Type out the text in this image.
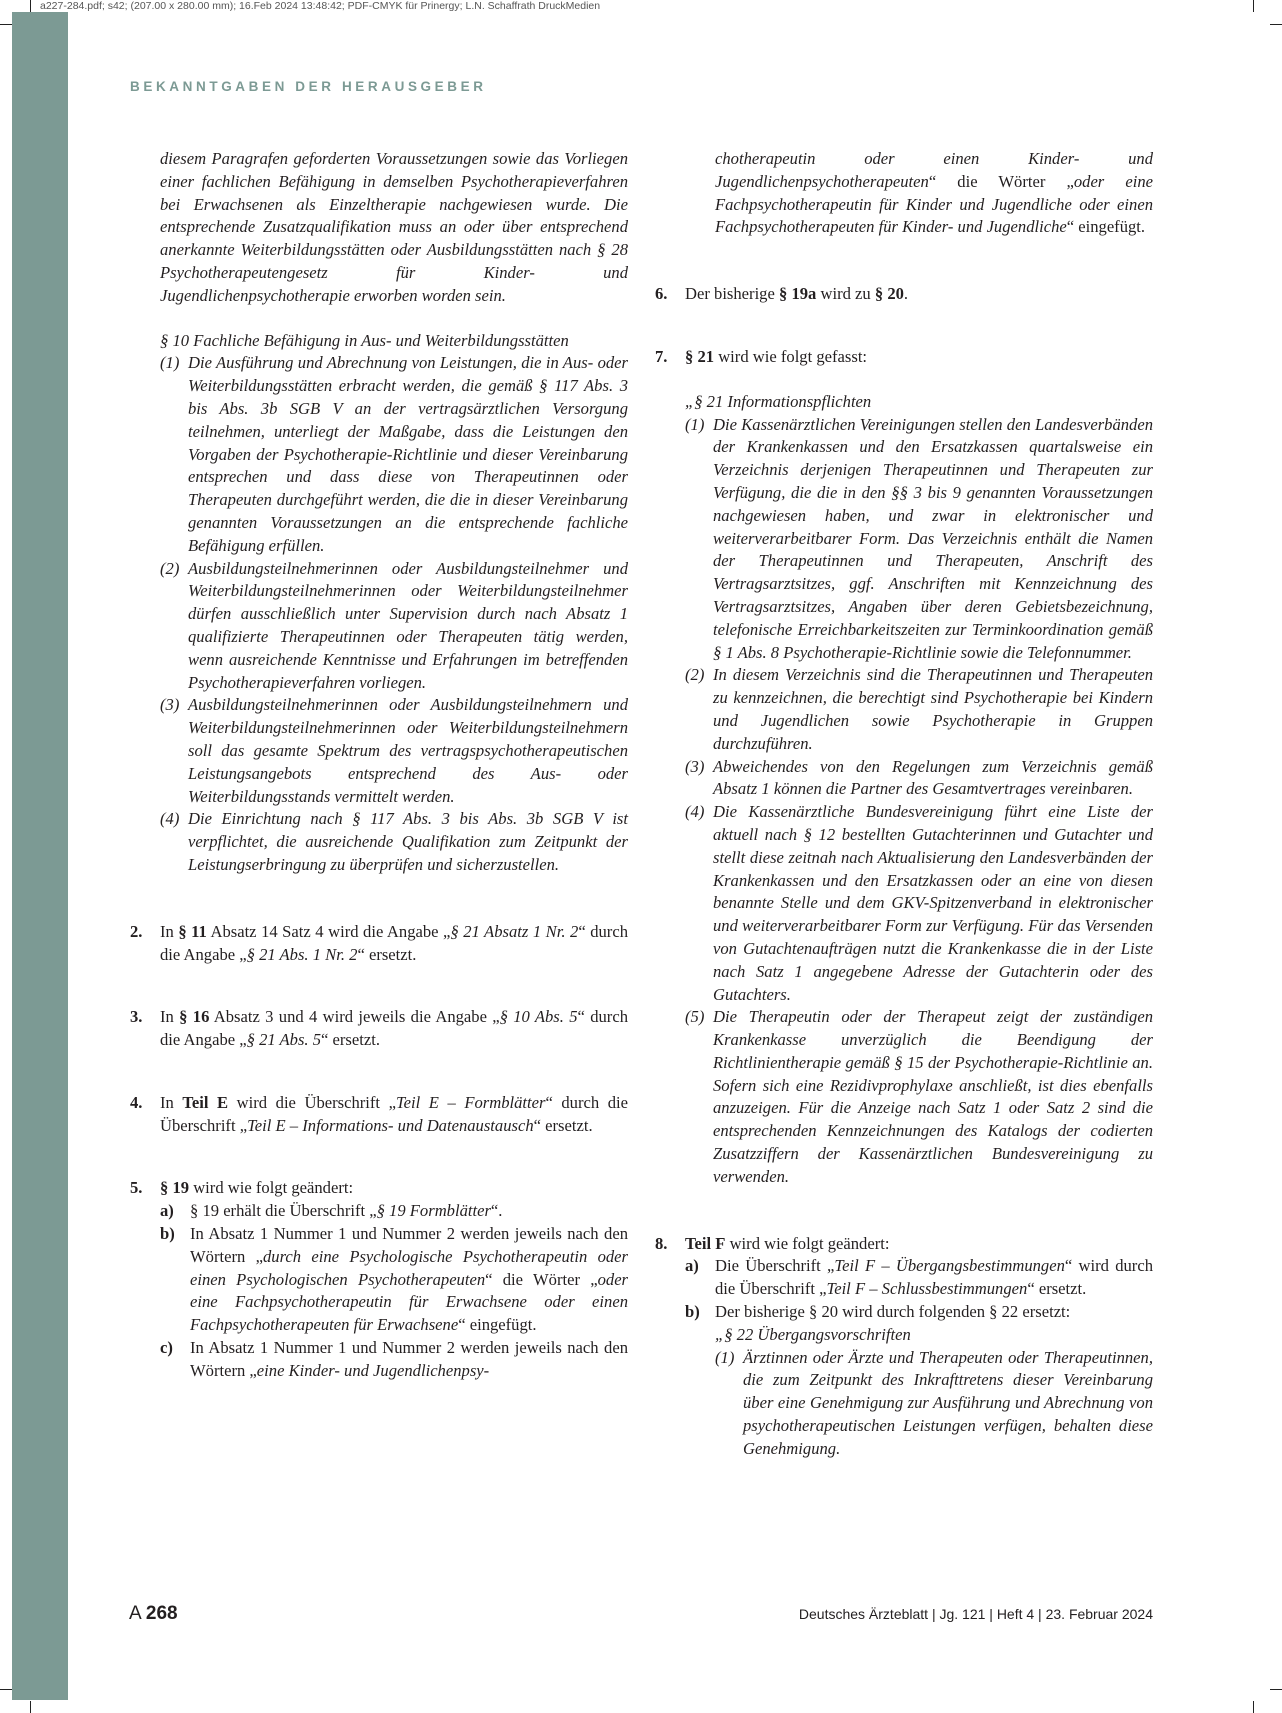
a227-284.pdf; s42; (207.00 x 280.00 mm); 16.Feb 2024 13:48:42; PDF-CMYK für Prinergy; L.N. Schaffrath DruckMedien
BEKANNTGABEN DER HERAUSGEBER

diesem Paragrafen geforderten Voraussetzungen sowie das Vorliegen einer fachlichen Befähigung in demselben Psychotherapieverfahren bei Erwachsenen als Einzeltherapie nachgewiesen wurde. Die entsprechende Zusatzqualifikation muss an oder über entsprechend anerkannte Weiterbildungsstätten oder Ausbildungsstätten nach § 28 Psychotherapeutengesetz für Kinder- und Jugendlichenpsychotherapie erworben worden sein.

§ 10 Fachliche Befähigung in Aus- und Weiterbildungsstätten

(1) Die Ausführung und Abrechnung von Leistungen, die in Aus- oder Weiterbildungsstätten erbracht werden, die gemäß § 117 Abs. 3 bis Abs. 3b SGB V an der vertragsärztlichen Versorgung teilnehmen, unterliegt der Maßgabe, dass die Leistungen den Vorgaben der Psychotherapie-Richtlinie und dieser Vereinbarung entsprechen und dass diese von Therapeutinnen oder Therapeuten durchgeführt werden, die die in dieser Vereinbarung genannten Voraussetzungen an die entsprechende fachliche Befähigung erfüllen.

(2) Ausbildungsteilnehmerinnen oder Ausbildungsteilnehmer und Weiterbildungsteilnehmerinnen oder Weiterbildungsteilnehmer dürfen ausschließlich unter Supervision durch nach Absatz 1 qualifizierte Therapeutinnen oder Therapeuten tätig werden, wenn ausreichende Kenntnisse und Erfahrungen im betreffenden Psychotherapieverfahren vorliegen.

(3) Ausbildungsteilnehmerinnen oder Ausbildungsteilnehmern und Weiterbildungsteilnehmerinnen oder Weiterbildungsteilnehmern soll das gesamte Spektrum des vertragspsychotherapeutischen Leistungsangebots entsprechend des Aus- oder Weiterbildungsstands vermittelt werden.

(4) Die Einrichtung nach § 117 Abs. 3 bis Abs. 3b SGB V ist verpflichtet, die ausreichende Qualifikation zum Zeitpunkt der Leistungserbringung zu überprüfen und sicherzustellen.

2. In § 11 Absatz 14 Satz 4 wird die Angabe „§ 21 Absatz 1 Nr. 2“ durch die Angabe „§ 21 Abs. 1 Nr. 2“ ersetzt.

3. In § 16 Absatz 3 und 4 wird jeweils die Angabe „§ 10 Abs. 5“ durch die Angabe „§ 21 Abs. 5“ ersetzt.

4. In Teil E wird die Überschrift „Teil E – Formblätter“ durch die Überschrift „Teil E – Informations- und Datenaustausch“ ersetzt.

5. § 19 wird wie folgt geändert:

a) § 19 erhält die Überschrift „§ 19 Formblätter“.

b) In Absatz 1 Nummer 1 und Nummer 2 werden jeweils nach den Wörtern „durch eine Psychologische Psychotherapeutin oder einen Psychologischen Psychotherapeuten“ die Wörter „oder eine Fachpsychotherapeutin für Erwachsene oder einen Fachpsychotherapeuten für Erwachsene“ eingefügt.

c) In Absatz 1 Nummer 1 und Nummer 2 werden jeweils nach den Wörtern „eine Kinder- und Jugendlichenpsy-

chotherapeutin oder einen Kinder- und Jugendlichenpsychotherapeuten“ die Wörter „oder eine Fachpsychotherapeutin für Kinder und Jugendliche oder einen Fachpsychotherapeuten für Kinder- und Jugendliche“ eingefügt.

6. Der bisherige § 19a wird zu § 20.

7. § 21 wird wie folgt gefasst:

„§ 21 Informationspflichten

(1) Die Kassenärztlichen Vereinigungen stellen den Landesverbänden der Krankenkassen und den Ersatzkassen quartalsweise ein Verzeichnis derjenigen Therapeutinnen und Therapeuten zur Verfügung, die die in den §§ 3 bis 9 genannten Voraussetzungen nachgewiesen haben, und zwar in elektronischer und weiterverarbeitbarer Form. Das Verzeichnis enthält die Namen der Therapeutinnen und Therapeuten, Anschrift des Vertragsarztsitzes, ggf. Anschriften mit Kennzeichnung des Vertragsarztsitzes, Angaben über deren Gebietsbezeichnung, telefonische Erreichbarkeitszeiten zur Terminkoordination gemäß § 1 Abs. 8 Psychotherapie-Richtlinie sowie die Telefonnummer.

(2) In diesem Verzeichnis sind die Therapeutinnen und Therapeuten zu kennzeichnen, die berechtigt sind Psychotherapie bei Kindern und Jugendlichen sowie Psychotherapie in Gruppen durchzuführen.

(3) Abweichendes von den Regelungen zum Verzeichnis gemäß Absatz 1 können die Partner des Gesamtvertrages vereinbaren.

(4) Die Kassenärztliche Bundesvereinigung führt eine Liste der aktuell nach § 12 bestellten Gutachterinnen und Gutachter und stellt diese zeitnah nach Aktualisierung den Landesverbänden der Krankenkassen und den Ersatzkassen oder an eine von diesen benannte Stelle und dem GKV-Spitzenverband in elektronischer und weiterverarbeitbarer Form zur Verfügung. Für das Versenden von Gutachtenaufträgen nutzt die Krankenkasse die in der Liste nach Satz 1 angegebene Adresse der Gutachterin oder des Gutachters.

(5) Die Therapeutin oder der Therapeut zeigt der zuständigen Krankenkasse unverzüglich die Beendigung der Richtlinientherapie gemäß § 15 der Psychotherapie-Richtlinie an. Sofern sich eine Rezidivprophylaxe anschließt, ist dies ebenfalls anzuzeigen. Für die Anzeige nach Satz 1 oder Satz 2 sind die entsprechenden Kennzeichnungen des Katalogs der codierten Zusatzziffern der Kassenärztlichen Bundesvereinigung zu verwenden.

8. Teil F wird wie folgt geändert:

a) Die Überschrift „Teil F – Übergangsbestimmungen“ wird durch die Überschrift „Teil F – Schlussbestimmungen“ ersetzt.

b) Der bisherige § 20 wird durch folgenden § 22 ersetzt:

„§ 22 Übergangsvorschriften

(1) Ärztinnen oder Ärzte und Therapeuten oder Therapeutinnen, die zum Zeitpunkt des Inkrafttretens dieser Vereinbarung über eine Genehmigung zur Ausführung und Abrechnung von psychotherapeutischen Leistungen verfügen, behalten diese Genehmigung.

A 268	Deutsches Ärzteblatt | Jg. 121 | Heft 4 | 23. Februar 2024
